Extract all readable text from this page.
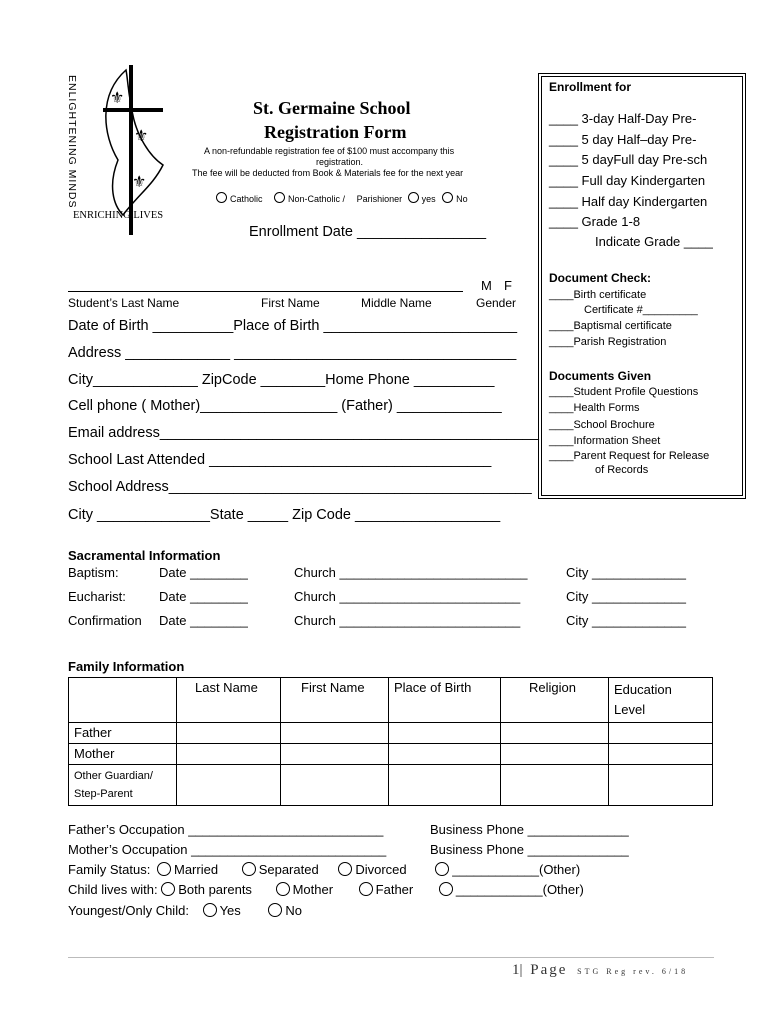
⚜
⚜
⚜
ENLIGHTENING MINDS
ENRICHING LIVES
St. Germaine School
Registration Form
A non-refundable registration fee of $100 must accompany this
registration.
The fee will be deducted from Book & Materials fee for the next year
Catholic	Non-Catholic / Parishioner yes No
Enrollment Date ________________
Enrollment for
____ 3-day Half-Day Pre-
____ 5 day Half–day Pre-
____ 5 dayFull day Pre-sch
____ Full day Kindergarten
____ Half day Kindergarten
____ Grade 1-8
Indicate Grade ____
Document Check:
____Birth certificate
Certificate #_________
____Baptismal certificate
____Parish Registration
Documents Given
____Student Profile Questions
____Health Forms
____School Brochure
____Information Sheet
____Parent Request for Release
of Records
M F
Student’s Last Name	First Name	Middle Name	Gender
Date of Birth __________Place of Birth ________________________
Address _____________ ___________________________________
City_____________ ZipCode ________Home Phone __________
Cell phone ( Mother)_________________ (Father) _____________
Email address_______________________________________________
School Last Attended ___________________________________
School Address_____________________________________________
City ______________State _____ Zip Code __________________
Sacramental Information
Baptism:	Date ________	Church __________________________	City _____________
Eucharist:	Date ________	Church _________________________	City _____________
Confirmation Date ________	Church _________________________	City _____________
Family Information

	Last Name	First Name	Place of Birth	Religion	Education Level

Father					

Mother					

Other Guardian/ Step-Parent					

Father’s Occupation ___________________________	Business Phone ______________
Mother’s Occupation ___________________________	Business Phone ______________
Family Status: Married	Separated	Divorced	____________(Other)
Child lives with: Both parents	Mother	Father	____________(Other)
Youngest/Only Child: Yes	No
1| Page STG Reg rev. 6/18
